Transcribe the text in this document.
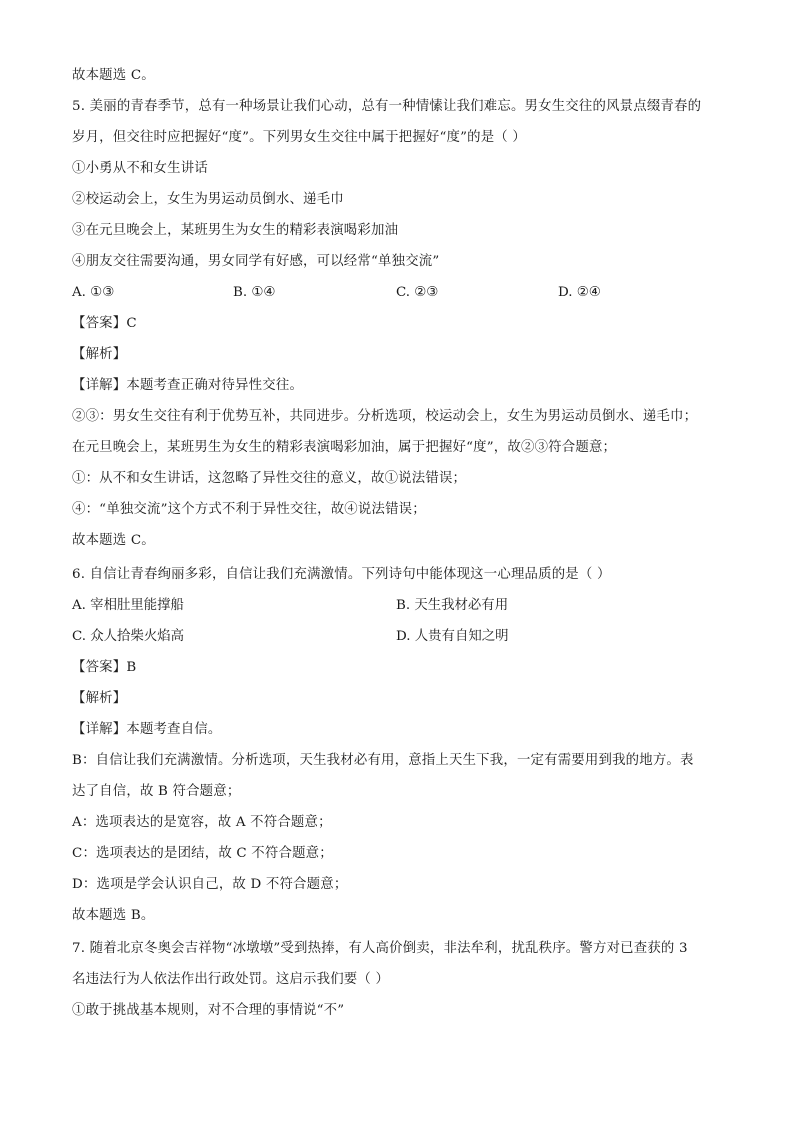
故本题选 C。
5. 美丽的青春季节，总有一种场景让我们心动，总有一种情愫让我们难忘。男女生交往的风景点缀青春的
岁月，但交往时应把握好“度”。下列男女生交往中属于把握好“度”的是（ ）
①小勇从不和女生讲话
②校运动会上，女生为男运动员倒水、递毛巾
③在元旦晚会上，某班男生为女生的精彩表演喝彩加油
④朋友交往需要沟通，男女同学有好感，可以经常“单独交流”
A. ①③	B. ①④	C. ②③	D. ②④
【答案】C
【解析】
【详解】本题考查正确对待异性交往。
②③：男女生交往有利于优势互补，共同进步。分析选项，校运动会上，女生为男运动员倒水、递毛巾；
在元旦晚会上，某班男生为女生的精彩表演喝彩加油，属于把握好“度”，故②③符合题意；
①：从不和女生讲话，这忽略了异性交往的意义，故①说法错误；
④：“单独交流”这个方式不利于异性交往，故④说法错误；
故本题选 C。
6. 自信让青春绚丽多彩，自信让我们充满激情。下列诗句中能体现这一心理品质的是（ ）
A. 宰相肚里能撑船	B. 天生我材必有用
C. 众人拾柴火焰高	D. 人贵有自知之明
【答案】B
【解析】
【详解】本题考查自信。
B：自信让我们充满激情。分析选项，天生我材必有用，意指上天生下我，一定有需要用到我的地方。表
达了自信，故 B 符合题意；
A：选项表达的是宽容，故 A 不符合题意；
C：选项表达的是团结，故 C 不符合题意；
D：选项是学会认识自己，故 D 不符合题意；
故本题选 B。
7. 随着北京冬奥会吉祥物“冰墩墩”受到热捧，有人高价倒卖，非法牟利，扰乱秩序。警方对已查获的 3
名违法行为人依法作出行政处罚。这启示我们要（ ）
①敢于挑战基本规则，对不合理的事情说“不”
